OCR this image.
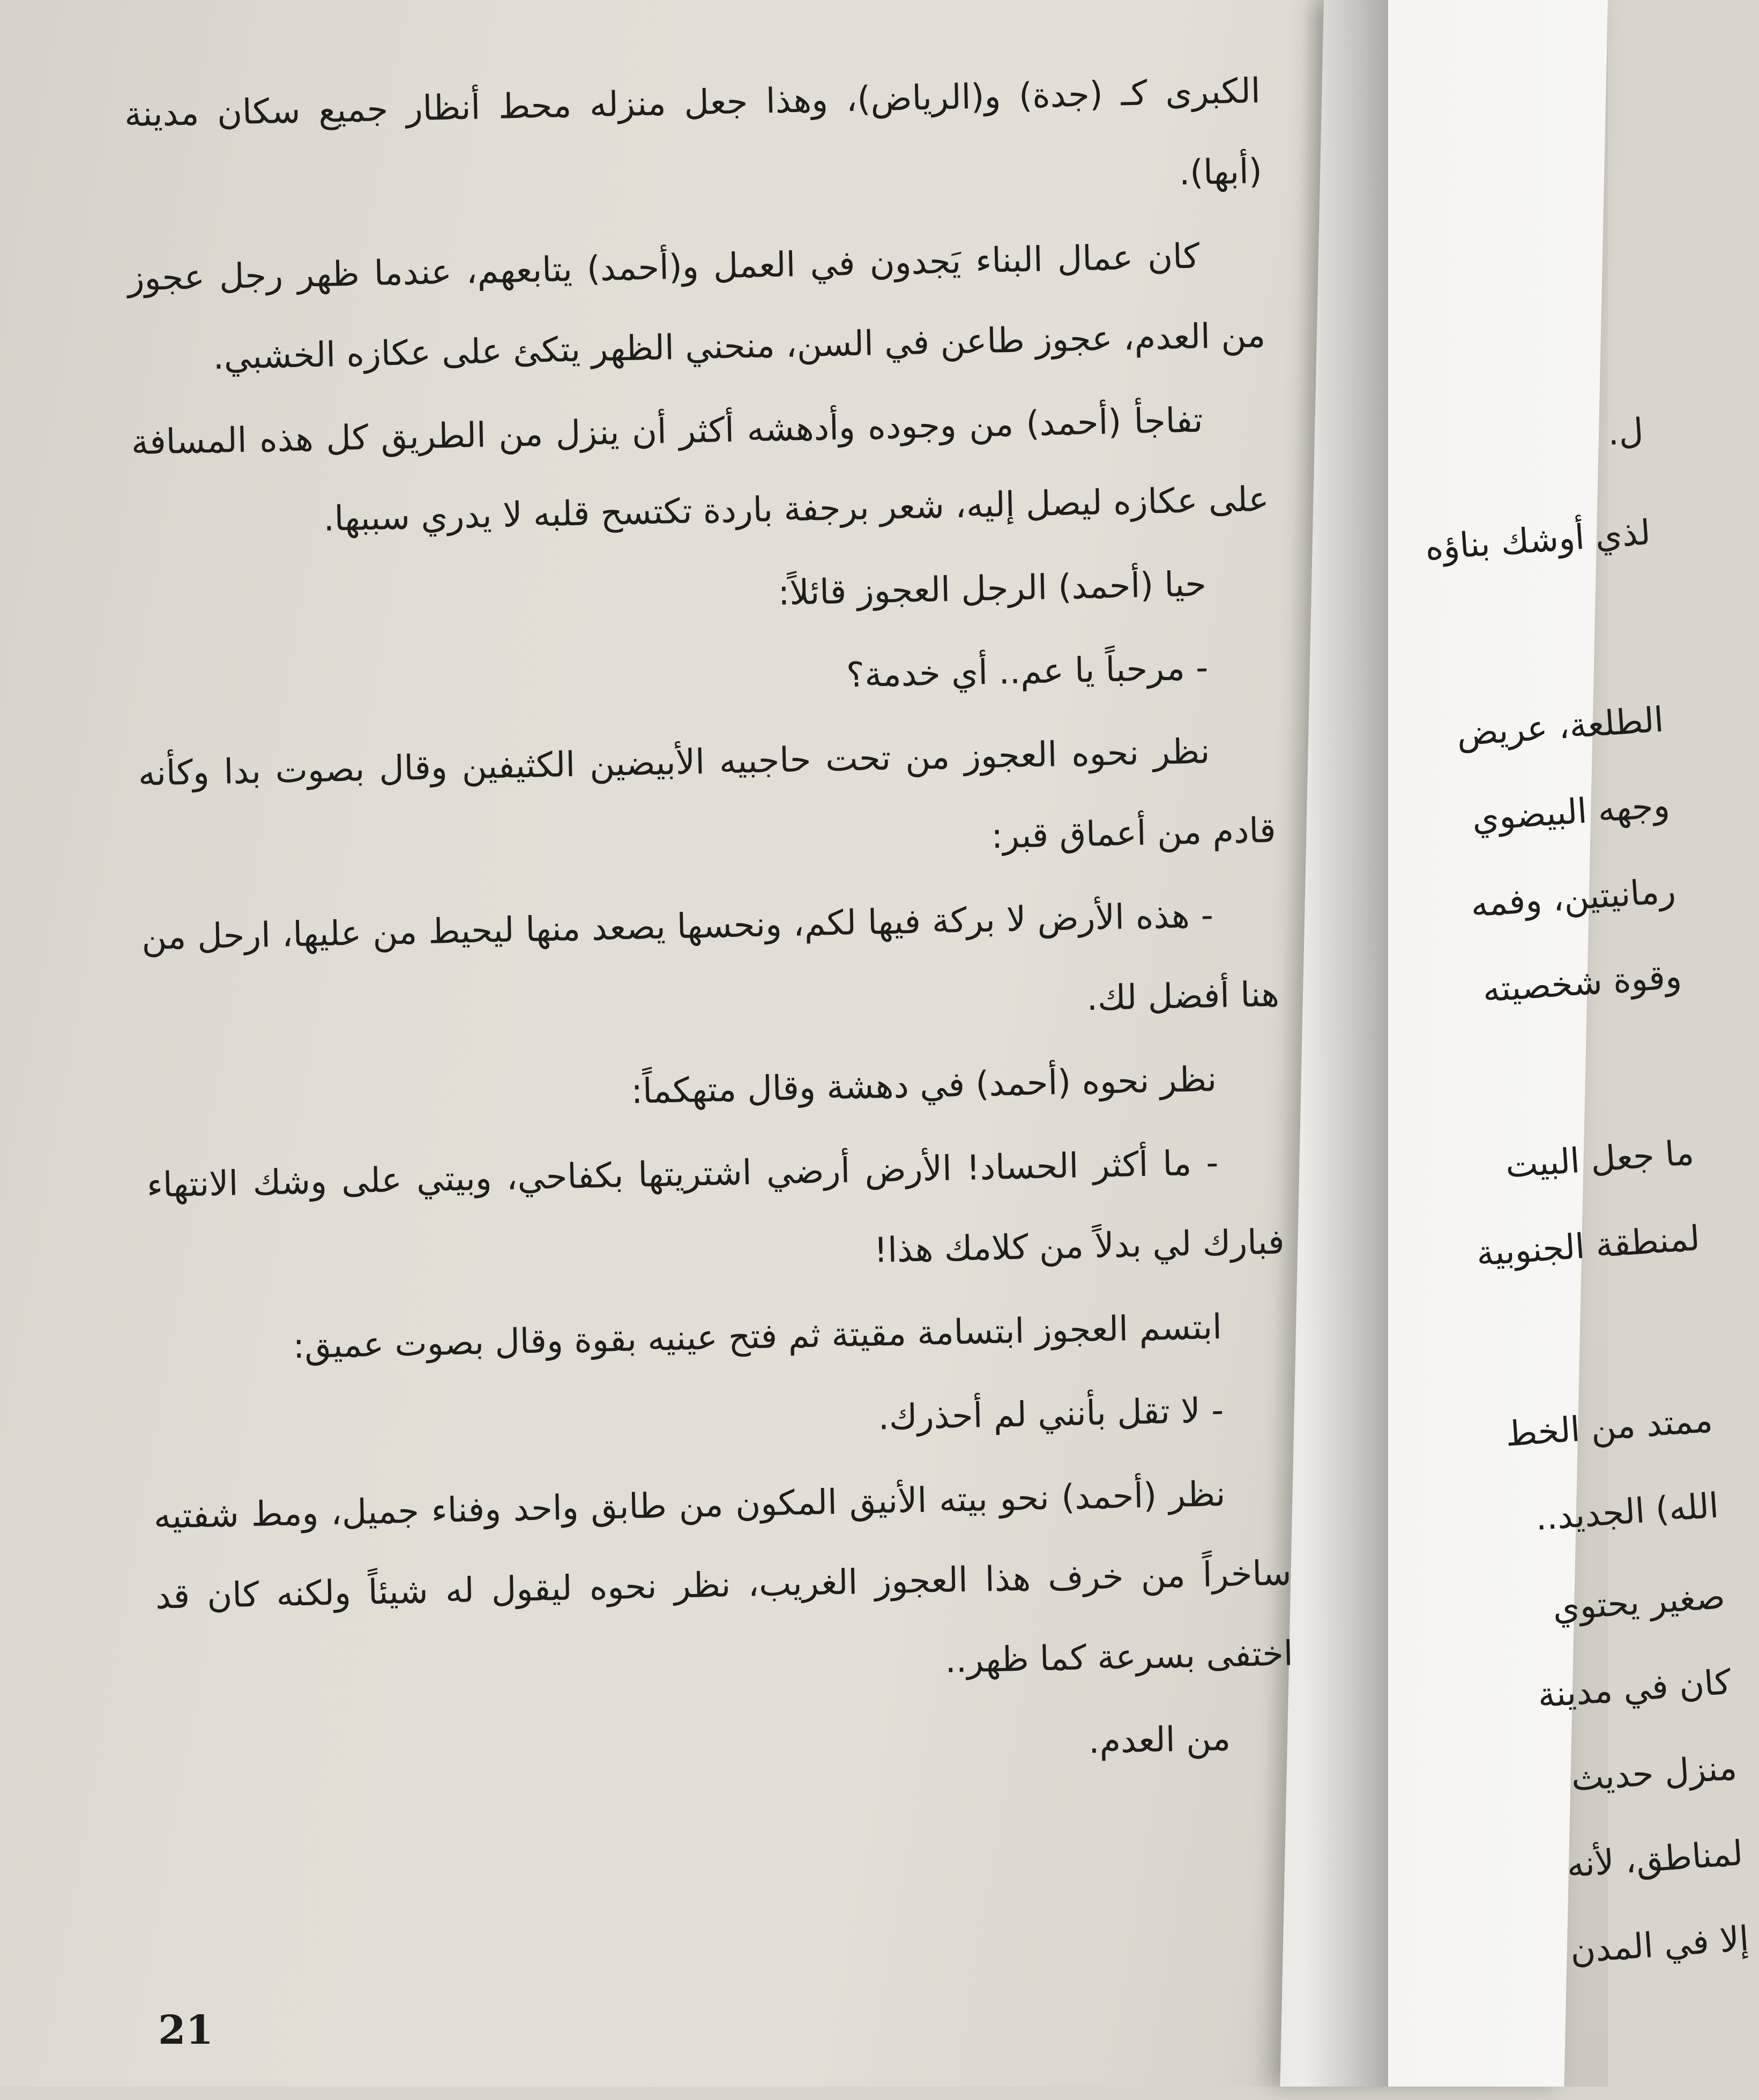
الكبرى كـ (جدة) و(الرياض)، وهذا جعل منزله محط أنظار جميع سكان مدينة (أبها).

كان عمال البناء يَجدون في العمل و(أحمد) يتابعهم، عندما ظهر رجل عجوز من العدم، عجوز طاعن في السن، منحني الظهر يتكئ على عكازه الخشبي.

تفاجأ (أحمد) من وجوده وأدهشه أكثر أن ينزل من الطريق كل هذه المسافة على عكازه ليصل إليه، شعر برجفة باردة تكتسح قلبه لا يدري سببها.

حيا (أحمد) الرجل العجوز قائلاً:

- مرحباً يا عم.. أي خدمة؟

نظر نحوه العجوز من تحت حاجبيه الأبيضين الكثيفين وقال بصوت بدا وكأنه قادم من أعماق قبر:

- هذه الأرض لا بركة فيها لكم، ونحسها يصعد منها ليحيط من عليها، ارحل من هنا أفضل لك.

نظر نحوه (أحمد) في دهشة وقال متهكماً:

- ما أكثر الحساد! الأرض أرضي اشتريتها بكفاحي، وبيتي على وشك الانتهاء فبارك لي بدلاً من كلامك هذا!

ابتسم العجوز ابتسامة مقيتة ثم فتح عينيه بقوة وقال بصوت عميق:

- لا تقل بأنني لم أحذرك.

نظر (أحمد) نحو بيته الأنيق المكون من طابق واحد وفناء جميل، ومط شفتيه ساخراً من خرف هذا العجوز الغريب، نظر نحوه ليقول له شيئاً ولكنه كان قد اختفى بسرعة كما ظهر..

من العدم.

21
ل.
لذي أوشك بناؤه
الطلعة، عريض
وجهه البيضوي
رمانيتين، وفمه
وقوة شخصيته
ما جعل البيت
لمنطقة الجنوبية
ممتد من الخط
الله) الجديد..
صغير يحتوي
كان في مدينة
منزل حديث
لمناطق، لأنه
إلا في المدن
